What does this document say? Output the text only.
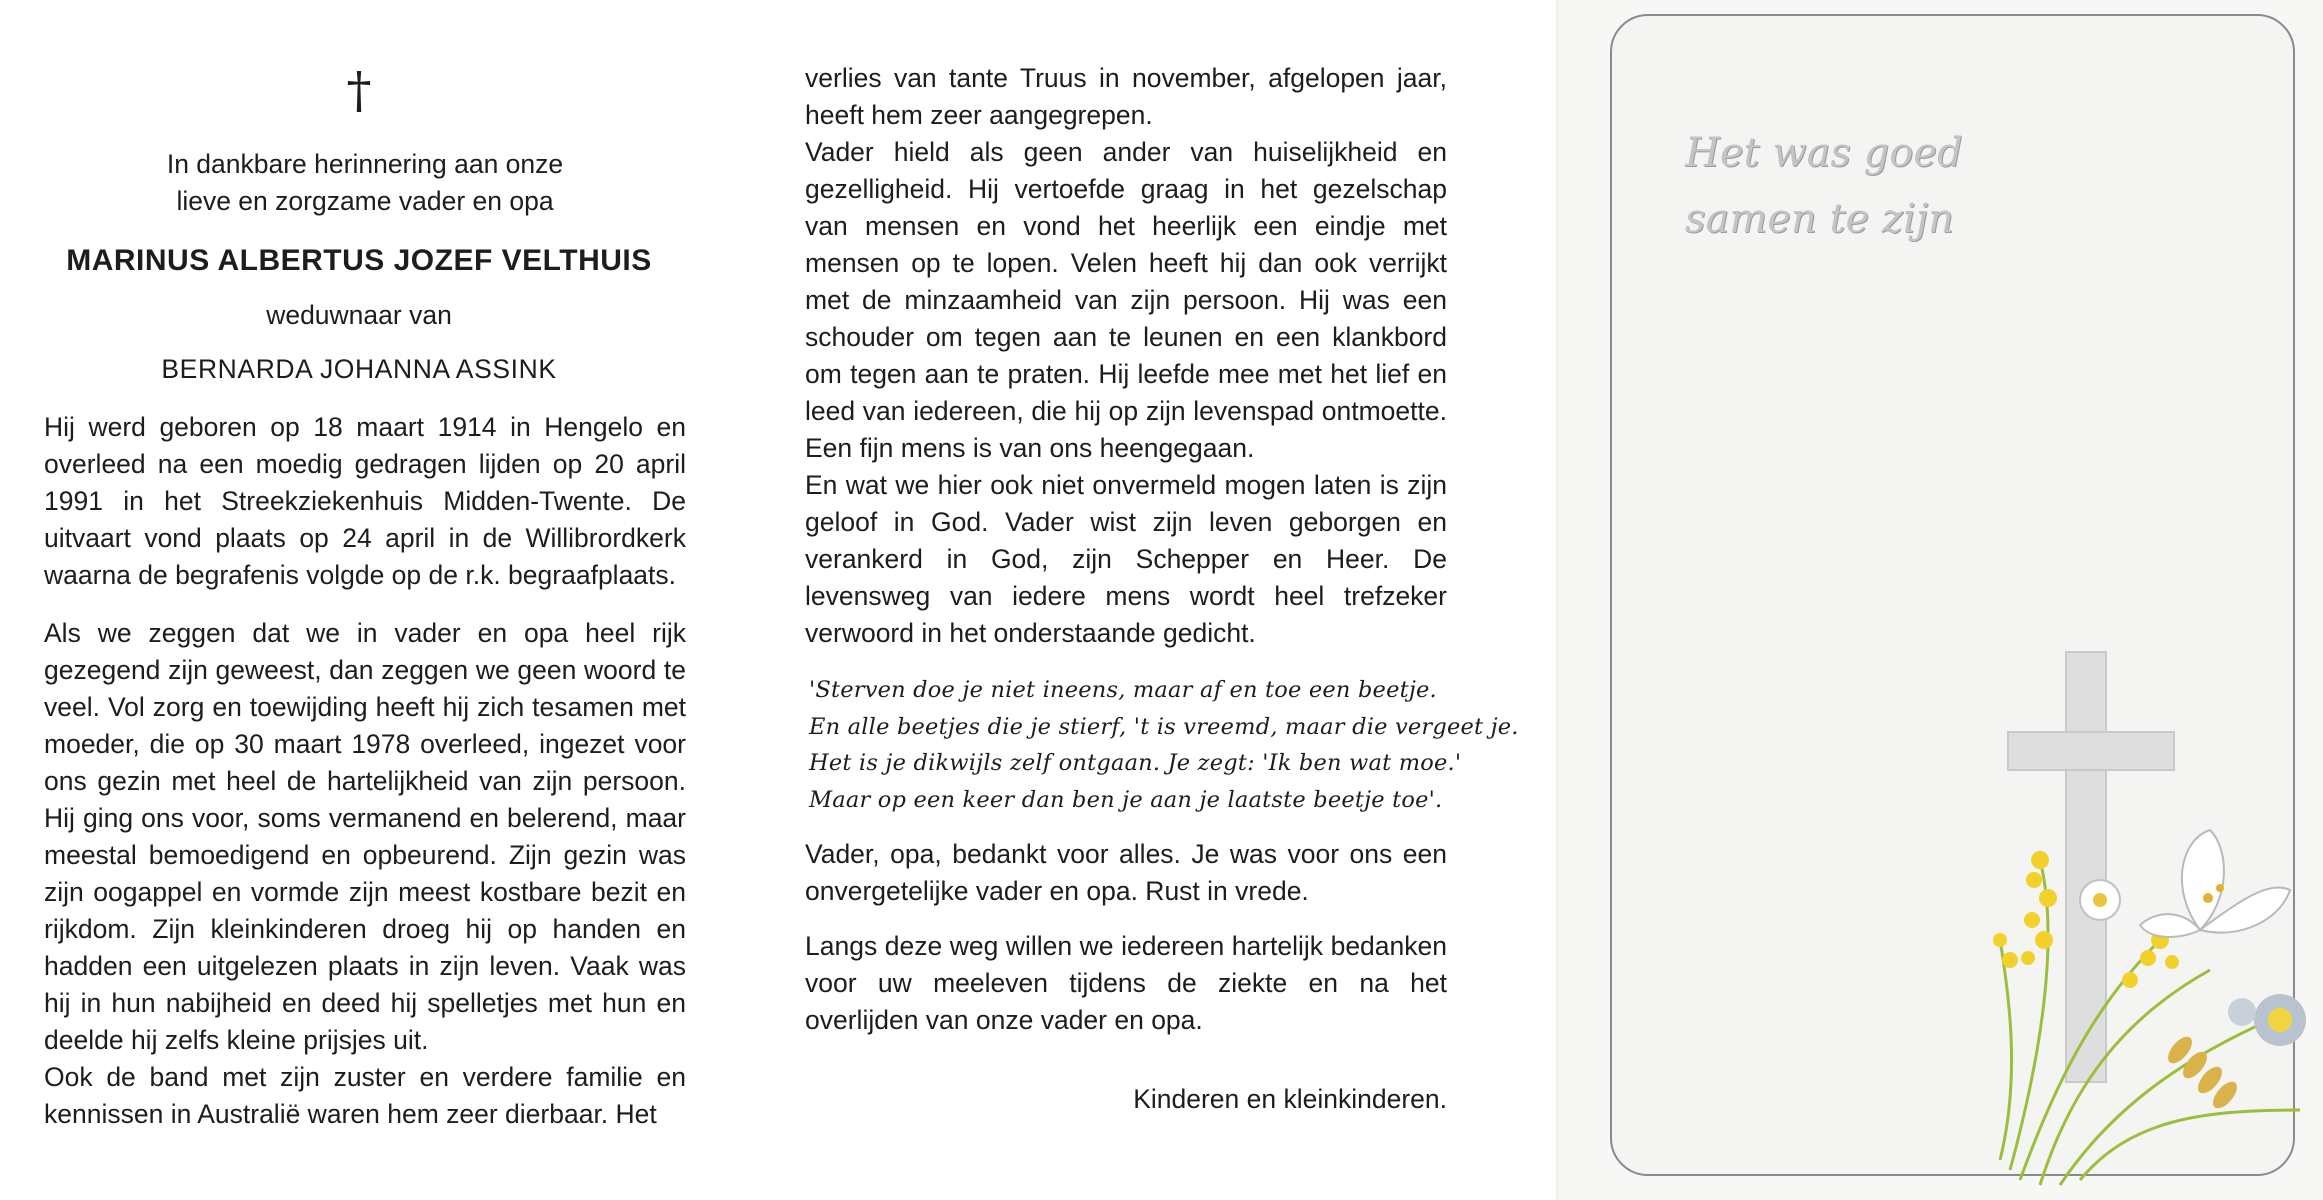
†
In dankbare herinnering aan onze
lieve en zorgzame vader en opa
MARINUS ALBERTUS JOZEF VELTHUIS
weduwnaar van
BERNARDA JOHANNA ASSINK

Hij werd geboren op 18 maart 1914 in Hengelo en overleed na een moedig gedragen lijden op 20 april 1991 in het Streekziekenhuis Midden-Twente. De uitvaart vond plaats op 24 april in de Willibrordkerk waarna de begrafenis volgde op de r.k. begraafplaats.

Als we zeggen dat we in vader en opa heel rijk gezegend zijn geweest, dan zeggen we geen woord te veel. Vol zorg en toewijding heeft hij zich tesamen met moeder, die op 30 maart 1978 overleed, ingezet voor ons gezin met heel de hartelijkheid van zijn persoon. Hij ging ons voor, soms vermanend en belerend, maar meestal bemoedigend en opbeurend. Zijn gezin was zijn oogappel en vormde zijn meest kostbare bezit en rijkdom. Zijn kleinkinderen droeg hij op handen en hadden een uitgelezen plaats in zijn leven. Vaak was hij in hun nabijheid en deed hij spelletjes met hun en deelde hij zelfs kleine prijsjes uit.

Ook de band met zijn zuster en verdere familie en kennissen in Australië waren hem zeer dierbaar. Het

verlies van tante Truus in november, afgelopen jaar, heeft hem zeer aangegrepen.

Vader hield als geen ander van huiselijkheid en gezelligheid. Hij vertoefde graag in het gezelschap van mensen en vond het heerlijk een eindje met mensen op te lopen. Velen heeft hij dan ook verrijkt met de minzaamheid van zijn persoon. Hij was een schouder om tegen aan te leunen en een klankbord om tegen aan te praten. Hij leefde mee met het lief en leed van iedereen, die hij op zijn levenspad ontmoette. Een fijn mens is van ons heengegaan.

En wat we hier ook niet onvermeld mogen laten is zijn geloof in God. Vader wist zijn leven geborgen en verankerd in God, zijn Schepper en Heer. De levensweg van iedere mens wordt heel trefzeker verwoord in het onderstaande gedicht.

'Sterven doe je niet ineens, maar af en toe een beetje.
En alle beetjes die je stierf, 't is vreemd, maar die vergeet je.
Het is je dikwijls zelf ontgaan. Je zegt: 'Ik ben wat moe.'
Maar op een keer dan ben je aan je laatste beetje toe'.

Vader, opa, bedankt voor alles. Je was voor ons een onvergetelijke vader en opa. Rust in vrede.

Langs deze weg willen we iedereen hartelijk bedanken voor uw meeleven tijdens de ziekte en na het overlijden van onze vader en opa.

Kinderen en kleinkinderen.
Het was goed
samen te zijn
